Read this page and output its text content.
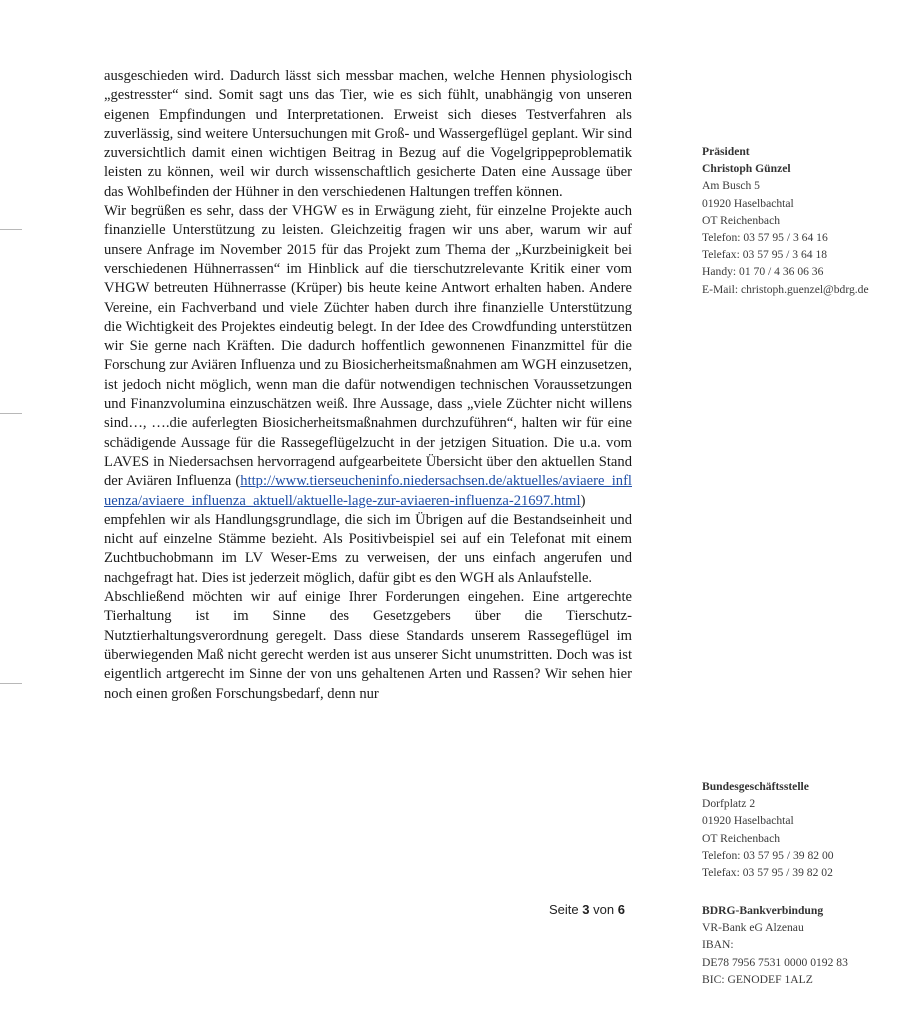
ausgeschieden wird. Dadurch lässt sich messbar machen, welche Hennen physiologisch „gestresster“ sind. Somit sagt uns das Tier, wie es sich fühlt, unabhängig von unseren eigenen Empfindungen und Interpretationen. Erweist sich dieses Testverfahren als zuverlässig, sind weitere Untersuchungen mit Groß- und Wassergeflügel geplant. Wir sind zuversichtlich damit einen wichtigen Beitrag in Bezug auf die Vogelgrippeproblematik leisten zu können, weil wir durch wissenschaftlich gesicherte Daten eine Aussage über das Wohlbefinden der Hühner in den verschiedenen Haltungen treffen können.

Wir begrüßen es sehr, dass der VHGW es in Erwägung zieht, für einzelne Projekte auch finanzielle Unterstützung zu leisten. Gleichzeitig fragen wir uns aber, warum wir auf unsere Anfrage im November 2015 für das Projekt zum Thema der „Kurzbeinigkeit bei verschiedenen Hühnerrassen“ im Hinblick auf die tierschutzrelevante Kritik einer vom VHGW betreuten Hühnerrasse (Krüper) bis heute keine Antwort erhalten haben. Andere Vereine, ein Fachverband und viele Züchter haben durch ihre finanzielle Unterstützung die Wichtigkeit des Projektes eindeutig belegt. In der Idee des Crowdfunding unterstützen wir Sie gerne nach Kräften. Die dadurch hoffentlich gewonnenen Finanzmittel für die Forschung zur Aviären Influenza und zu Biosicherheitsmaßnahmen am WGH einzusetzen, ist jedoch nicht möglich, wenn man die dafür notwendigen technischen Voraussetzungen und Finanzvolumina einzuschätzen weiß. Ihre Aussage, dass „viele Züchter nicht willens sind…, ….die auferlegten Biosicherheitsmaßnahmen durchzuführen“, halten wir für eine schädigende Aussage für die Rassegeflügelzucht in der jetzigen Situation. Die u.a. vom LAVES in Niedersachsen hervorragend aufgearbeitete Übersicht über den aktuellen Stand der Aviären Influenza (http://www.tierseucheninfo.niedersachsen.de/aktuelles/aviaere_influenza/aviaere_influenza_aktuell/aktuelle-lage-zur-aviaeren-influenza-21697.html) empfehlen wir als Handlungsgrundlage, die sich im Übrigen auf die Bestandseinheit und nicht auf einzelne Stämme bezieht. Als Positivbeispiel sei auf ein Telefonat mit einem Zuchtbuchobmann im LV Weser-Ems zu verweisen, der uns einfach angerufen und nachgefragt hat. Dies ist jederzeit möglich, dafür gibt es den WGH als Anlaufstelle.

Abschließend möchten wir auf einige Ihrer Forderungen eingehen. Eine artgerechte Tierhaltung ist im Sinne des Gesetzgebers über die Tierschutz-Nutztierhaltungsverordnung geregelt. Dass diese Standards unserem Rassegeflügel im überwiegenden Maß nicht gerecht werden ist aus unserer Sicht unumstritten. Doch was ist eigentlich artgerecht im Sinne der von uns gehaltenen Arten und Rassen? Wir sehen hier noch einen großen Forschungsbedarf, denn nur

Seite 3 von 6
Präsident
Christoph Günzel
Am Busch 5
01920 Haselbachtal
OT Reichenbach
Telefon: 03 57 95 / 3 64 16
Telefax: 03 57 95 / 3 64 18
Handy: 01 70 / 4 36 06 36
E-Mail: christoph.guenzel@bdrg.de
Bundesgeschäftsstelle
Dorfplatz 2
01920 Haselbachtal
OT Reichenbach
Telefon: 03 57 95 / 39 82 00
Telefax: 03 57 95 / 39 82 02
BDRG-Bankverbindung
VR-Bank eG Alzenau
IBAN:
DE78 7956 7531 0000 0192 83
BIC: GENODEF 1ALZ
